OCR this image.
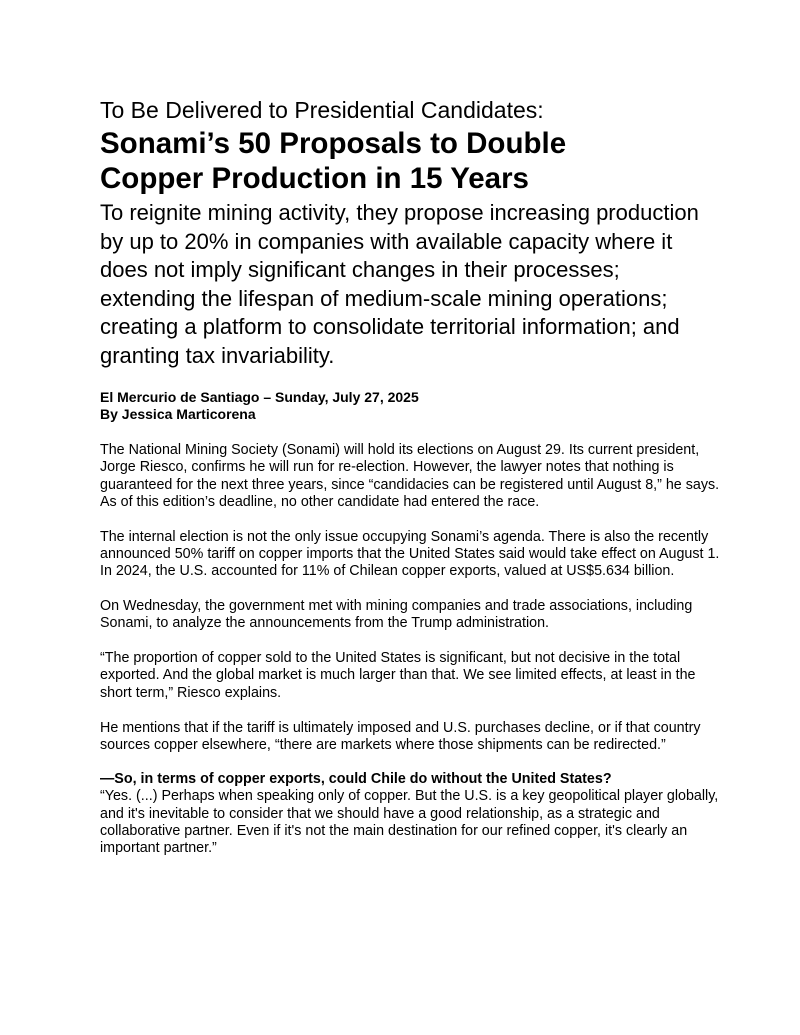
To Be Delivered to Presidential Candidates:
Sonami’s 50 Proposals to Double
Copper Production in 15 Years
To reignite mining activity, they propose increasing production by up to 20% in companies with available capacity where it does not imply significant changes in their processes; extending the lifespan of medium-scale mining operations; creating a platform to consolidate territorial information; and granting tax invariability.
El Mercurio de Santiago – Sunday, July 27, 2025
By Jessica Marticorena
The National Mining Society (Sonami) will hold its elections on August 29. Its current president, Jorge Riesco, confirms he will run for re-election. However, the lawyer notes that nothing is guaranteed for the next three years, since “candidacies can be registered until August 8,” he says. As of this edition’s deadline, no other candidate had entered the race.
The internal election is not the only issue occupying Sonami’s agenda. There is also the recently announced 50% tariff on copper imports that the United States said would take effect on August 1. In 2024, the U.S. accounted for 11% of Chilean copper exports, valued at US$5.634 billion.
On Wednesday, the government met with mining companies and trade associations, including Sonami, to analyze the announcements from the Trump administration.
“The proportion of copper sold to the United States is significant, but not decisive in the total exported. And the global market is much larger than that. We see limited effects, at least in the short term,” Riesco explains.
He mentions that if the tariff is ultimately imposed and U.S. purchases decline, or if that country sources copper elsewhere, “there are markets where those shipments can be redirected.”
—So, in terms of copper exports, could Chile do without the United States?
“Yes. (...) Perhaps when speaking only of copper. But the U.S. is a key geopolitical player globally, and it's inevitable to consider that we should have a good relationship, as a strategic and collaborative partner. Even if it's not the main destination for our refined copper, it's clearly an important partner.”
